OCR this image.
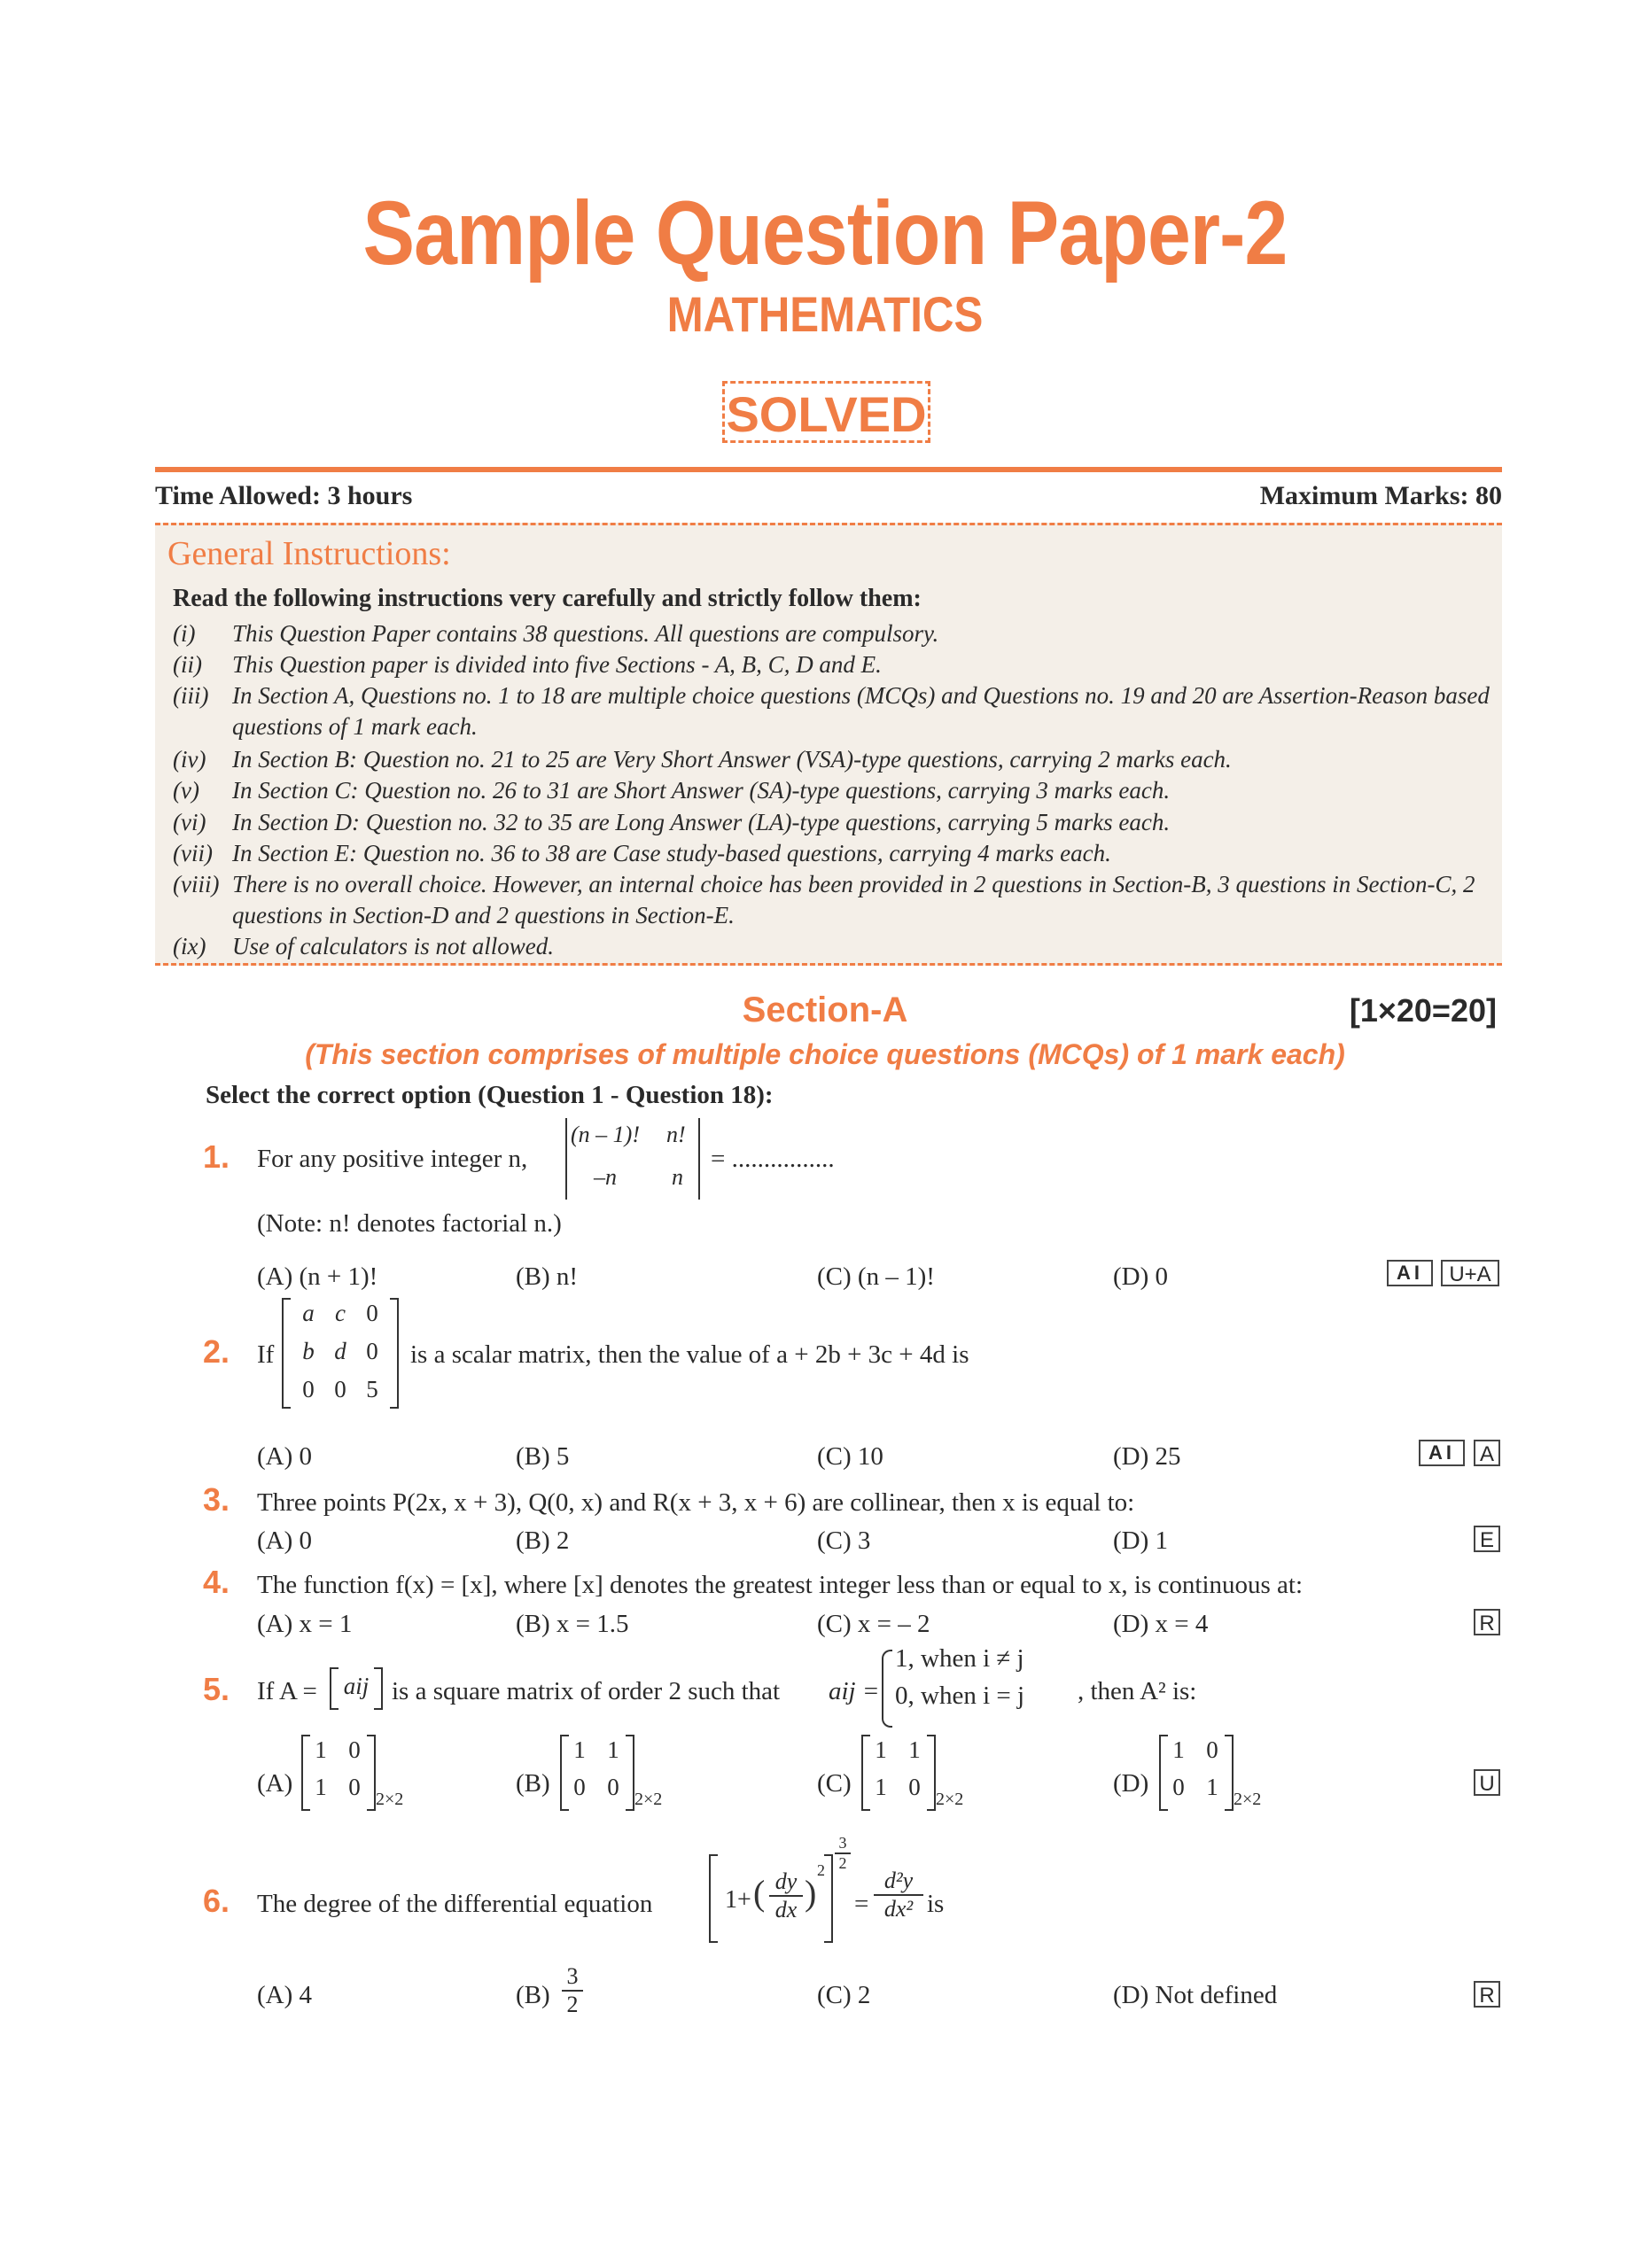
Sample Question Paper-2
MATHEMATICS
SOLVED
Time Allowed: 3 hours	Maximum Marks: 80
General Instructions:
Read the following instructions very carefully and strictly follow them:
(i) This Question Paper contains 38 questions. All questions are compulsory.
(ii) This Question paper is divided into five Sections - A, B, C, D and E.
(iii) In Section A, Questions no. 1 to 18 are multiple choice questions (MCQs) and Questions no. 19 and 20 are Assertion-Reason based questions of 1 mark each.
(iv) In Section B: Question no. 21 to 25 are Very Short Answer (VSA)-type questions, carrying 2 marks each.
(v) In Section C: Question no. 26 to 31 are Short Answer (SA)-type questions, carrying 3 marks each.
(vi) In Section D: Question no. 32 to 35 are Long Answer (LA)-type questions, carrying 5 marks each.
(vii) In Section E: Question no. 36 to 38 are Case study-based questions, carrying 4 marks each.
(viii) There is no overall choice. However, an internal choice has been provided in 2 questions in Section-B, 3 questions in Section-C, 2 questions in Section-D and 2 questions in Section-E.
(ix) Use of calculators is not allowed.
Section-A	[1×20=20]
(This section comprises of multiple choice questions (MCQs) of 1 mark each)
Select the correct option (Question 1 - Question 18):
1. For any positive integer n,
(n – 1)! n!
–n n
= ................
(Note: n! denotes factorial n.)
(A) (n + 1)!	(B) n!	(C) (n – 1)!	(D) 0	AI	U+A
2. If
a c 0
b d 0
0 0 5
is a scalar matrix, then the value of a + 2b + 3c + 4d is
(A) 0	(B) 5	(C) 10	(D) 25	AI	A
3. Three points P(2x, x + 3), Q(0, x) and R(x + 3, x + 6) are collinear, then x is equal to:
(A) 0	(B) 2	(C) 3	(D) 1	E
4. The function f(x) = [x], where [x] denotes the greatest integer less than or equal to x, is continuous at:
(A) x = 1	(B) x = 1.5	(C) x = – 2	(D) x = 4	R
5. If A = aij is a square matrix of order 2 such that aij =
1, when i ≠ j
0, when i = j , then A² is:
(A)
1 0
1 0 2×2
(B)
1 1
0 0 2×2
(C)
1 1
1 0 2×2
(D)
1 0
0 1 2×2
U
6. The degree of the differential equation	1+ ( $\frac{dy}{dx}$ )
$2 \frac{3}{2}$
= $\frac{\text{d²y}}{\text{dx²}}$ is
(A) 4	$(B) \frac{3}{2}$	(C) 2	(D) Not defined	R
